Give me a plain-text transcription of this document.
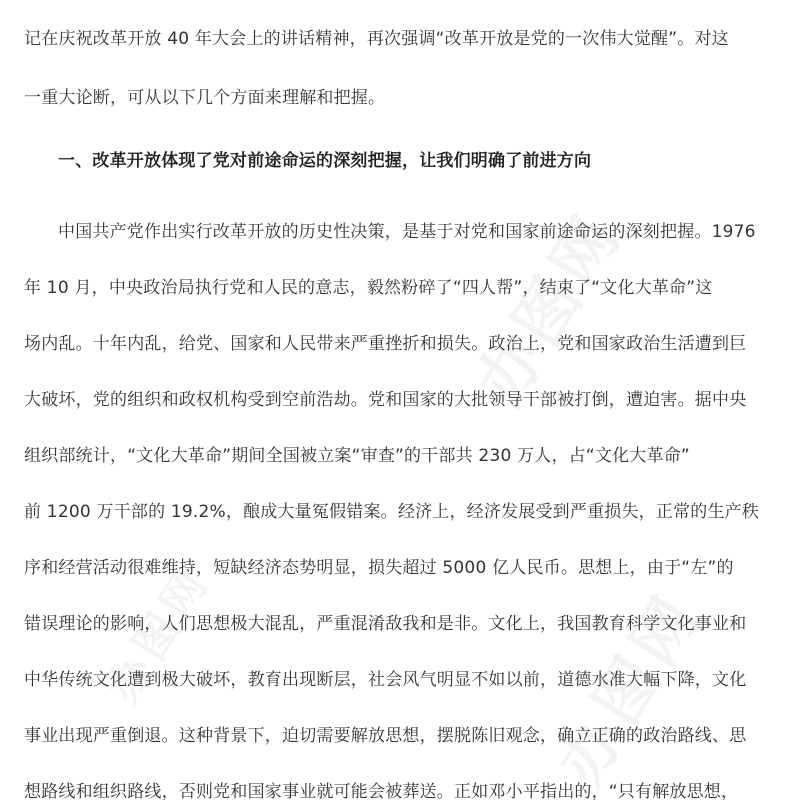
办图网
办图网	办图网
记在庆祝改革开放 40 年大会上的讲话精神，再次强调“改革开放是党的一次伟大觉醒”。对这
一重大论断，可从以下几个方面来理解和把握。
一、改革开放体现了党对前途命运的深刻把握，让我们明确了前进方向
中国共产党作出实行改革开放的历史性决策，是基于对党和国家前途命运的深刻把握。1976
年 10 月，中央政治局执行党和人民的意志，毅然粉碎了“四人帮”，结束了“文化大革命”这
场内乱。十年内乱，给党、国家和人民带来严重挫折和损失。政治上，党和国家政治生活遭到巨
大破坏，党的组织和政权机构受到空前浩劫。党和国家的大批领导干部被打倒，遭迫害。据中央
组织部统计，“文化大革命”期间全国被立案“审查”的干部共 230 万人，占“文化大革命”
前 1200 万干部的 19.2%，酿成大量冤假错案。经济上，经济发展受到严重损失，正常的生产秩
序和经营活动很难维持，短缺经济态势明显，损失超过 5000 亿人民币。思想上，由于“左”的
错误理论的影响，人们思想极大混乱，严重混淆敌我和是非。文化上，我国教育科学文化事业和
中华传统文化遭到极大破坏，教育出现断层，社会风气明显不如以前，道德水准大幅下降，文化
事业出现严重倒退。这种背景下，迫切需要解放思想，摆脱陈旧观念，确立正确的政治路线、思
想路线和组织路线，否则党和国家事业就可能会被葬送。正如邓小平指出的，“只有解放思想，
